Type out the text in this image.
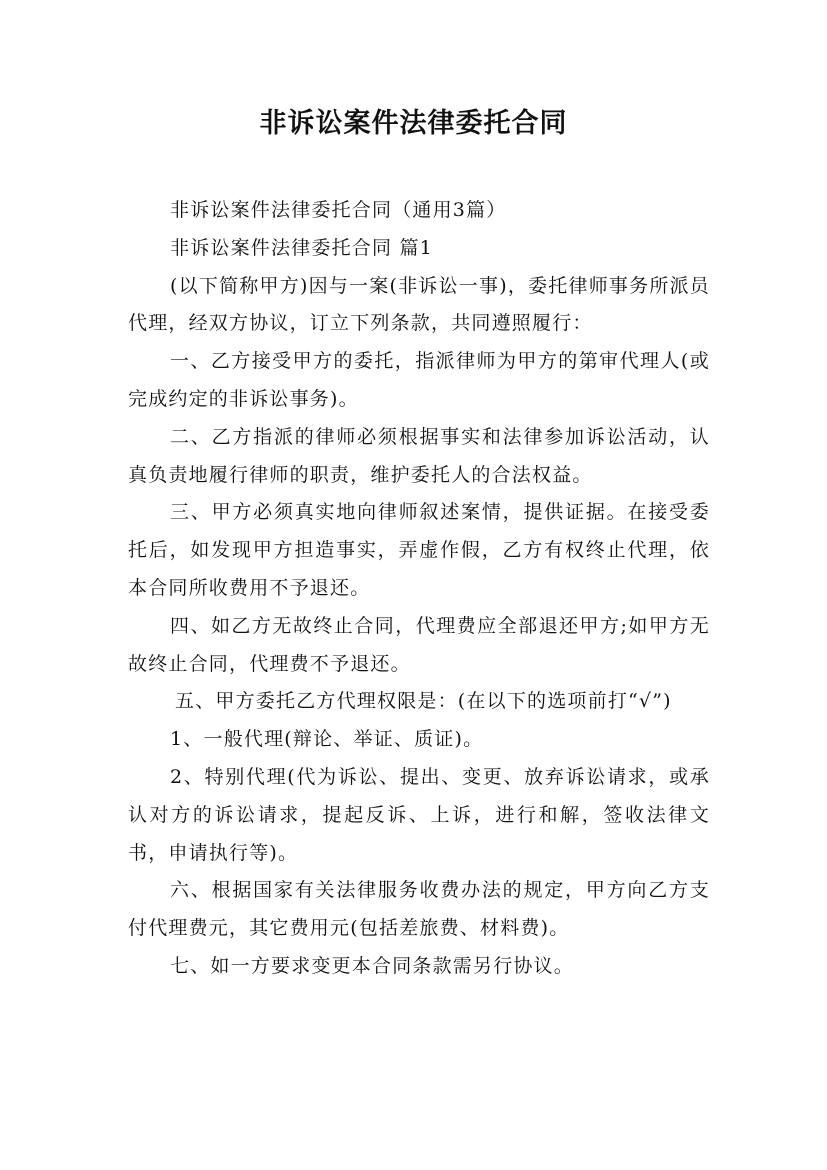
非诉讼案件法律委托合同

非诉讼案件法律委托合同（通用3篇）

非诉讼案件法律委托合同 篇1

(以下简称甲方)因与一案(非诉讼一事)，委托律师事务所派员代理，经双方协议，订立下列条款，共同遵照履行：

一、乙方接受甲方的委托，指派律师为甲方的第审代理人(或完成约定的非诉讼事务)。

二、乙方指派的律师必须根据事实和法律参加诉讼活动，认真负责地履行律师的职责，维护委托人的合法权益。

三、甲方必须真实地向律师叙述案情，提供证据。在接受委托后，如发现甲方担造事实，弄虚作假，乙方有权终止代理，依本合同所收费用不予退还。

四、如乙方无故终止合同，代理费应全部退还甲方;如甲方无故终止合同，代理费不予退还。

五、甲方委托乙方代理权限是：(在以下的选项前打“√”)

1、一般代理(辩论、举证、质证)。

2、特别代理(代为诉讼、提出、变更、放弃诉讼请求，或承认对方的诉讼请求，提起反诉、上诉，进行和解，签收法律文书，申请执行等)。

六、根据国家有关法律服务收费办法的规定，甲方向乙方支付代理费元，其它费用元(包括差旅费、材料费)。

七、如一方要求变更本合同条款需另行协议。
